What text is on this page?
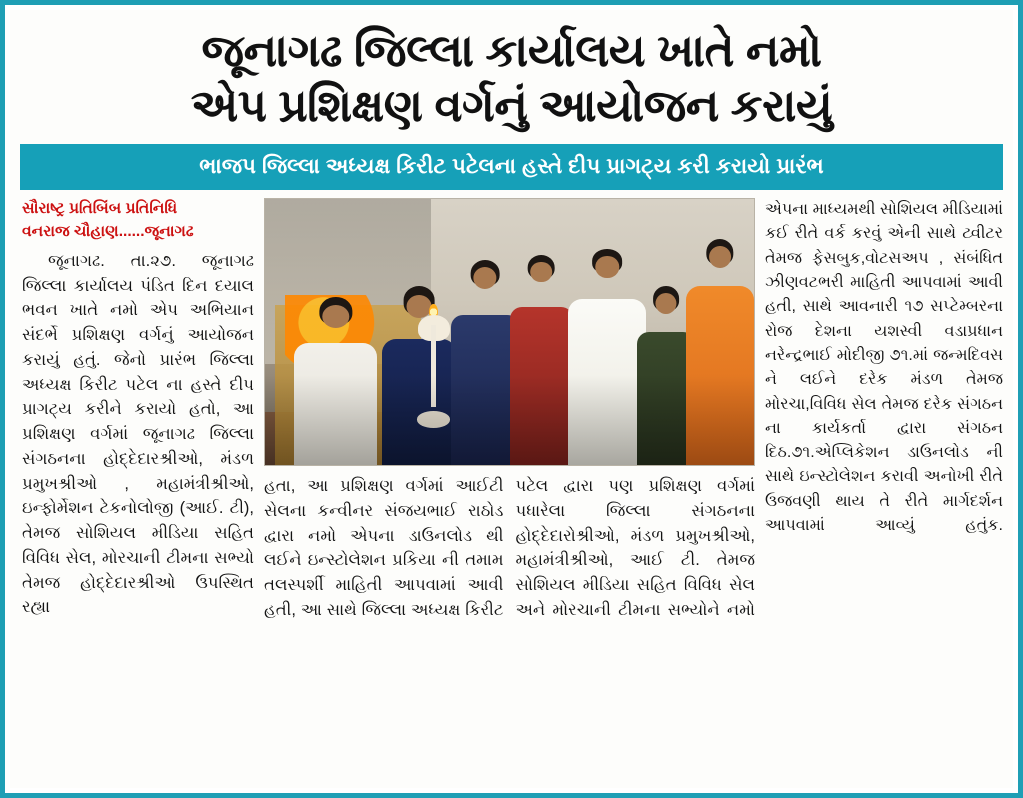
જૂનાગઢ જિલ્લા કાર્યાલય ખાતે નમો
એપ પ્રશિક્ષણ વર્ગનું આયોજન કરાયું
ભાજપ જિલ્લા અધ્યક્ષ કિરીટ પટેલના હસ્તે દીપ પ્રાગટ્ય કરી કરાયો પ્રારંભ
સૌરાષ્ટ્ર પ્રતિબિંબ પ્રતિનિધિ
વનરાજ ચૌહાણ......જૂનાગઢ

જૂનાગઢ. તા.૨૭. જૂનાગઢ જિલ્લા કાર્યાલય પંડિત દિન દયાલ ભવન ખાતે નમો એપ અભિયાન સંદર્ભે પ્રશિક્ષણ વર્ગનું આયોજન કરાયું હતું. જેનો પ્રારંભ જિલ્લા અધ્યક્ષ કિરીટ પટેલ ના હસ્તે દીપ પ્રાગટ્ય કરીને કરાયો હતો, આ પ્રશિક્ષણ વર્ગમાં જૂનાગઢ જિલ્લા સંગઠનના હોદ્દેદારશ્રીઓ, મંડળ પ્રમુખશ્રીઓ , મહામંત્રીશ્રીઓ, ઇન્ફોર્મેશન ટેકનોલોજી (આઈ. ટી), તેમજ સોશિયલ મીડિયા સહિત વિવિધ સેલ, મોરચાની ટીમના સભ્યો તેમજ હોદ્દેદારશ્રીઓ ઉપસ્થિત રહ્યા

હતા, આ પ્રશિક્ષણ વર્ગમાં આઈટી સેલના કન્વીનર સંજયભાઈ રાઠોડ દ્વારા નમો એપના ડાઉનલોડ થી લઈને ઇન્સ્ટોલેશન પ્રકિયા ની તમામ તલસ્પર્શી માહિતી આપવામાં આવી હતી, આ સાથે જિલ્લા અધ્યક્ષ કિરીટ

પટેલ દ્વારા પણ પ્રશિક્ષણ વર્ગમાં પધારેલા જિલ્લા સંગઠનના હોદ્દેદારોશ્રીઓ, મંડળ પ્રમુખશ્રીઓ, મહામંત્રીશ્રીઓ, આઈ ટી. તેમજ સોશિયલ મીડિયા સહિત વિવિધ સેલ અને મોરચાની ટીમના સભ્યોને નમો

એપના માધ્યમથી સોશિયલ મીડિયામાં કઈ રીતે વર્ક કરવું એની સાથે ટ્વીટર તેમજ ફેસબુક,વોટસઅપ , સંબંધિત ઝીણવટભરી માહિતી આપવામાં આવી હતી, સાથે આવનારી ૧૭ સપ્ટેમ્બરના રોજ દેશના યશસ્વી વડાપ્રધાન નરેન્દ્રભાઈ મોદીજી ૭૧.માં જન્મદિવસ ને લઈને દરેક મંડળ તેમજ મોરચા,વિવિધ સેલ તેમજ દરેક સંગઠન ના કાર્યકર્તા દ્વારા સંગઠન દિઠ.૭૧.એપ્લિકેશન ડાઉનલોડ ની સાથે ઇન્સ્ટોલેશન કરાવી અનોખી રીતે ઉજવણી થાય તે રીતે માર્ગદર્શન આપવામાં આવ્યું હતુંક.
